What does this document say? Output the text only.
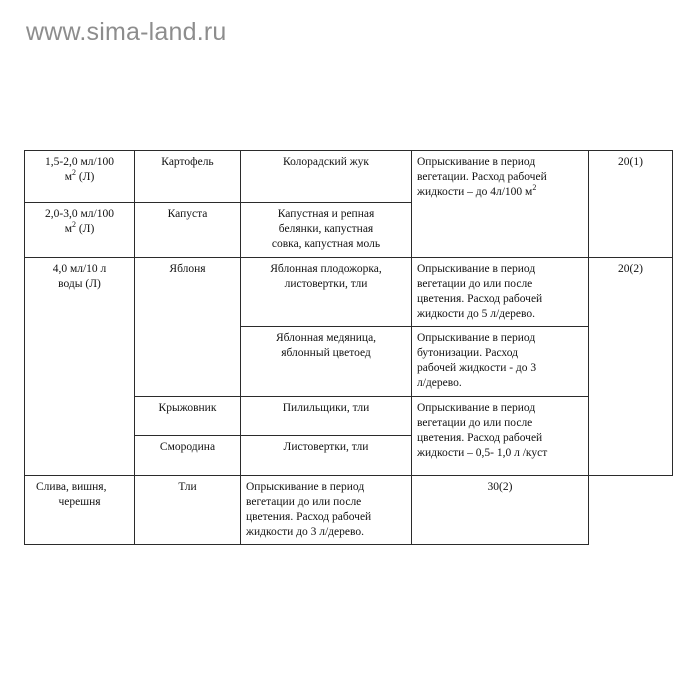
www.sima-land.ru
1,5-2,0 мл/100
$м^2$ (Л)	Картофель	Колорадский жук	Опрыскивание в период
вегетации. Расход рабочей
жидкости – до 4л/100 $м^2$	20(1)

2,0-3,0 мл/100
$м^2$ (Л)	Капуста	Капустная и репная
белянки, капустная
совка, капустная моль		

4,0 мл/10 л
воды (Л)	Яблоня	Яблонная плодожорка,
листовертки, тли	Опрыскивание в период
вегетации до или после
цветения. Расход рабочей
жидкости до 5 л/дерево.	20(2)

		Яблонная медяница,
яблонный цветоед	Опрыскивание в период
бутонизации. Расход
рабочей жидкости - до 3
л/дерево.	

	Крыжовник	Пилильщики, тли	Опрыскивание в период
вегетации до или после
цветения. Расход рабочей
жидкости – 0,5- 1,0 л /куст	

	Смородина	Листовертки, тли		

Слива, вишня,
черешня	Тли	Опрыскивание в период
вегетации до или после
цветения. Расход рабочей
жидкости до 3 л/дерево.	30(2)	
